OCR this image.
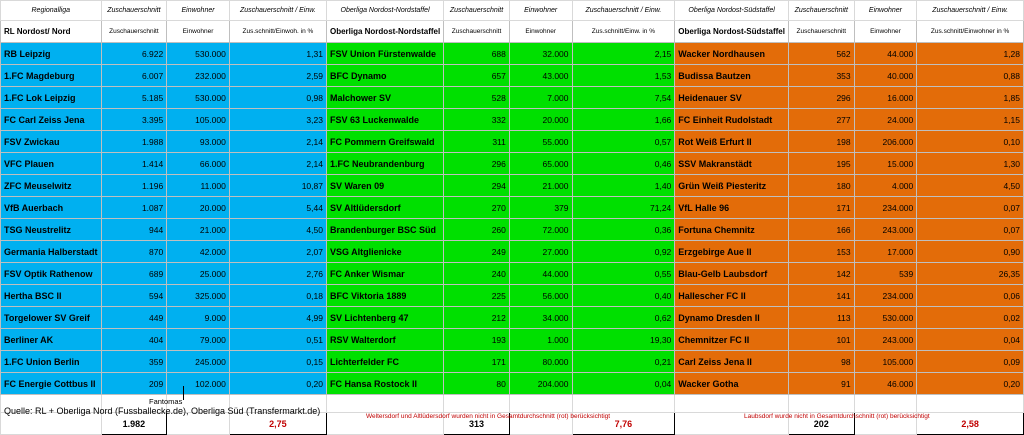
Regionalliga	Zuschauerschnitt	Einwohner	Zuschauerschnitt / Einw.	Oberliga Nordost-Nordstaffel	Zuschauerschnitt	Einwohner	Zuschauerschnitt / Einw.	Oberliga Nordost-Südstaffel	Zuschauerschnitt	Einwohner	Zuschauerschnitt / Einw.
RL Nordost/ Nord	Zuschauerschnitt	Einwohner	Zus.schnitt/Einwoh. in %	Oberliga Nordost-Nordstaffel	Zuschauerschnitt	Einwohner	Zus.schnitt/Einw. in %	Oberliga Nordost-Südstaffel	Zuschauerschnitt	Einwohner	Zus.schnitt/Einwohner in %
RB Leipzig	6.922	530.000	1,31	FSV Union Fürstenwalde	688	32.000	2,15	Wacker Nordhausen	562	44.000	1,28
1.FC Magdeburg	6.007	232.000	2,59	BFC Dynamo	657	43.000	1,53	Budissa Bautzen	353	40.000	0,88
1.FC Lok Leipzig	5.185	530.000	0,98	Malchower SV	528	7.000	7,54	Heidenauer SV	296	16.000	1,85
FC Carl Zeiss Jena	3.395	105.000	3,23	FSV 63 Luckenwalde	332	20.000	1,66	FC Einheit Rudolstadt	277	24.000	1,15
FSV Zwickau	1.988	93.000	2,14	FC Pommern Greifswald	311	55.000	0,57	Rot Weiß Erfurt II	198	206.000	0,10
VFC Plauen	1.414	66.000	2,14	1.FC Neubrandenburg	296	65.000	0,46	SSV Makranstädt	195	15.000	1,30
ZFC Meuselwitz	1.196	11.000	10,87	SV Waren 09	294	21.000	1,40	Grün Weiß Piesteritz	180	4.000	4,50
VfB Auerbach	1.087	20.000	5,44	SV Altlüdersdorf	270	379	71,24	VfL Halle 96	171	234.000	0,07
TSG Neustrelitz	944	21.000	4,50	Brandenburger BSC Süd	260	72.000	0,36	Fortuna Chemnitz	166	243.000	0,07
Germania Halberstadt	870	42.000	2,07	VSG Altglienicke	249	27.000	0,92	Erzgebirge Aue II	153	17.000	0,90
FSV Optik Rathenow	689	25.000	2,76	FC Anker Wismar	240	44.000	0,55	Blau-Gelb Laubsdorf	142	539	26,35
Hertha BSC II	594	325.000	0,18	BFC Viktoria 1889	225	56.000	0,40	Hallescher FC II	141	234.000	0,06
Torgelower SV Greif	449	9.000	4,99	SV Lichtenberg 47	212	34.000	0,62	Dynamo Dresden II	113	530.000	0,02
Berliner AK	404	79.000	0,51	RSV Walterdorf	193	1.000	19,30	Chemnitzer FC II	101	243.000	0,04
1.FC Union Berlin	359	245.000	0,15	Lichterfelder FC	171	80.000	0,21	Carl Zeiss Jena II	98	105.000	0,09
FC Energie Cottbus II	209	102.000	0,20	FC Hansa Rostock II	80	204.000	0,04	Wacker Gotha	91	46.000	0,20

	1.982		2,75		313		7,76		202		2,58
Fantomas
Quelle: RL + Oberliga Nord (Fussballecke.de), Oberliga Süd (Transfermarkt.de)
Weltersdorf und Altlüdersdorf wurden nicht in Gesamtdurchschnitt (rot) berücksichtigt	Laubsdorf wurde nicht in Gesamtdurchschnitt (rot) berücksichtigt
